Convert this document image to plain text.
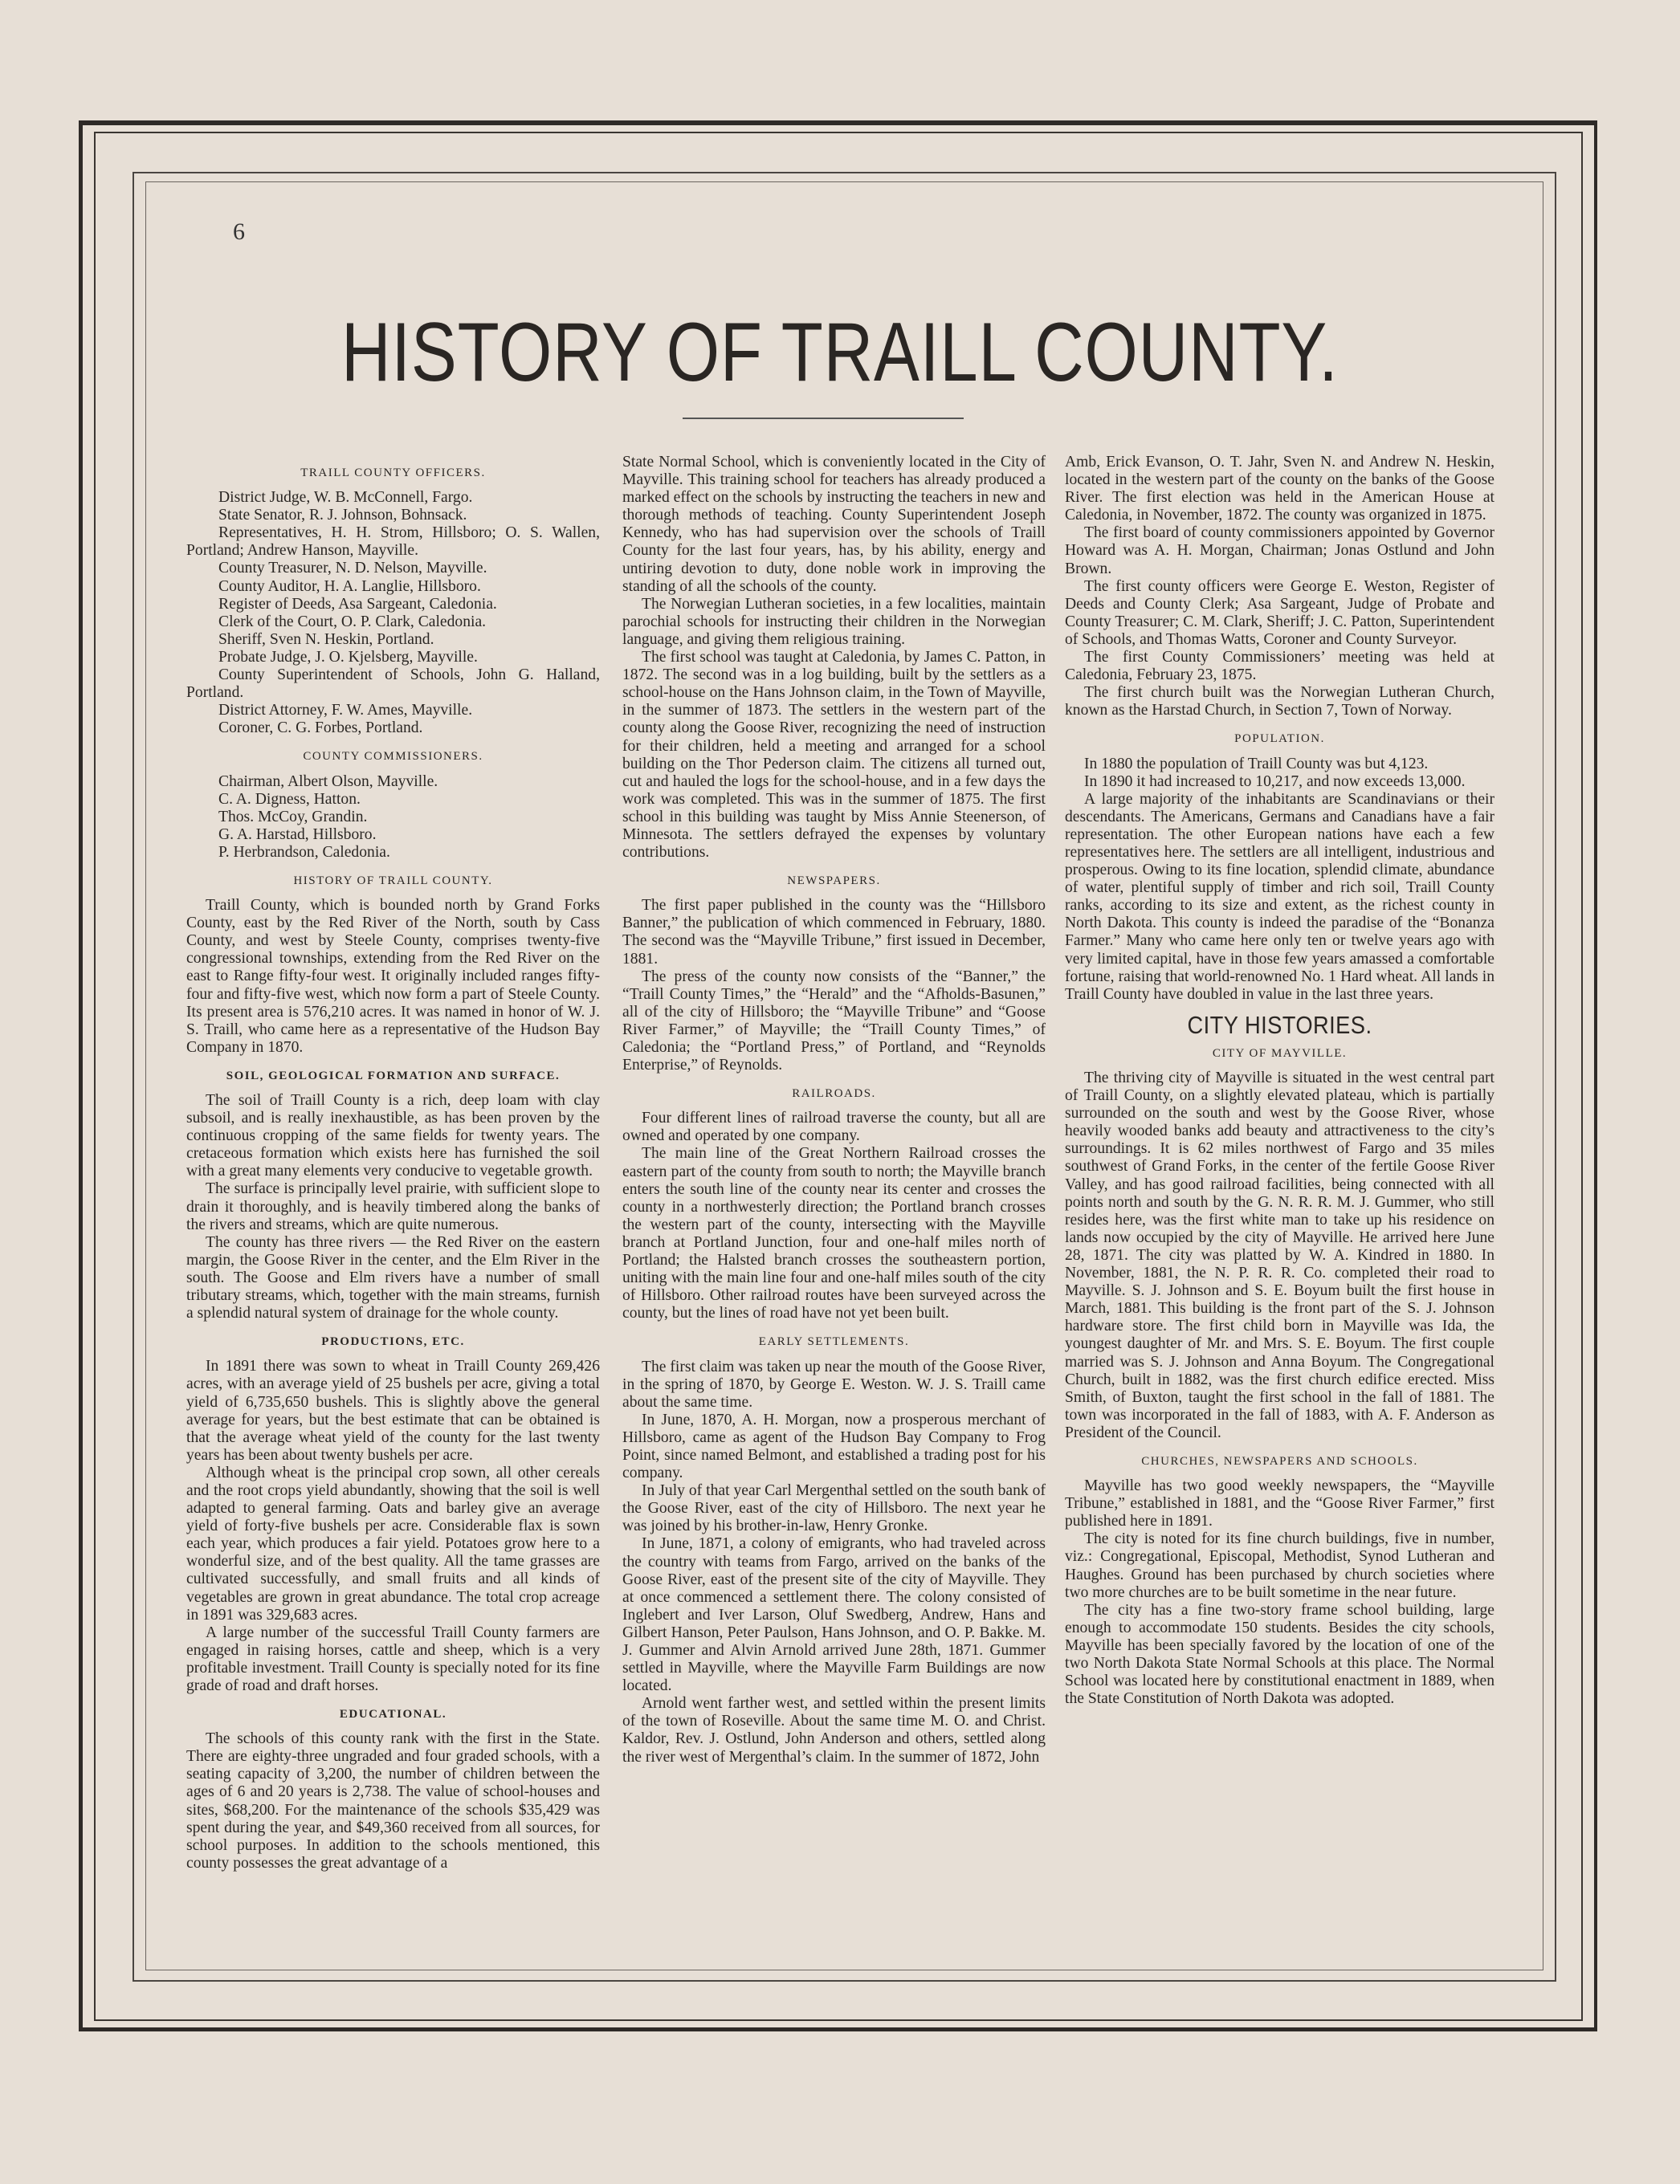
6
HISTORY OF TRAILL COUNTY.
TRAILL COUNTY OFFICERS.

District Judge, W. B. McConnell, Fargo.

State Senator, R. J. Johnson, Bohnsack.

Representatives, H. H. Strom, Hillsboro; O. S. Wallen, Portland; Andrew Hanson, Mayville.

County Treasurer, N. D. Nelson, Mayville.

County Auditor, H. A. Langlie, Hillsboro.

Register of Deeds, Asa Sargeant, Caledonia.

Clerk of the Court, O. P. Clark, Caledonia.

Sheriff, Sven N. Heskin, Portland.

Probate Judge, J. O. Kjelsberg, Mayville.

County Superintendent of Schools, John G. Halland, Portland.

District Attorney, F. W. Ames, Mayville.

Coroner, C. G. Forbes, Portland.

COUNTY COMMISSIONERS.

Chairman, Albert Olson, Mayville.

C. A. Digness, Hatton.

Thos. McCoy, Grandin.

G. A. Harstad, Hillsboro.

P. Herbrandson, Caledonia.

HISTORY OF TRAILL COUNTY.

Traill County, which is bounded north by Grand Forks County, east by the Red River of the North, south by Cass County, and west by Steele County, comprises twenty-five congressional townships, extending from the Red River on the east to Range fifty-four west. It originally included ranges fifty-four and fifty-five west, which now form a part of Steele County. Its present area is 576,210 acres. It was named in honor of W. J. S. Traill, who came here as a representative of the Hudson Bay Company in 1870.

SOIL, GEOLOGICAL FORMATION AND SURFACE.

The soil of Traill County is a rich, deep loam with clay subsoil, and is really inexhaustible, as has been proven by the continuous cropping of the same fields for twenty years. The cretaceous formation which exists here has furnished the soil with a great many elements very conducive to vegetable growth.

The surface is principally level prairie, with sufficient slope to drain it thoroughly, and is heavily timbered along the banks of the rivers and streams, which are quite numerous.

The county has three rivers — the Red River on the eastern margin, the Goose River in the center, and the Elm River in the south. The Goose and Elm rivers have a number of small tributary streams, which, together with the main streams, furnish a splendid natural system of drainage for the whole county.

PRODUCTIONS, ETC.

In 1891 there was sown to wheat in Traill County 269,426 acres, with an average yield of 25 bushels per acre, giving a total yield of 6,735,650 bushels. This is slightly above the general average for years, but the best estimate that can be obtained is that the average wheat yield of the county for the last twenty years has been about twenty bushels per acre.

Although wheat is the principal crop sown, all other cereals and the root crops yield abundantly, showing that the soil is well adapted to general farming. Oats and barley give an average yield of forty-five bushels per acre. Considerable flax is sown each year, which produces a fair yield. Potatoes grow here to a wonderful size, and of the best quality. All the tame grasses are cultivated successfully, and small fruits and all kinds of vegetables are grown in great abundance. The total crop acreage in 1891 was 329,683 acres.

A large number of the successful Traill County farmers are engaged in raising horses, cattle and sheep, which is a very profitable investment. Traill County is specially noted for its fine grade of road and draft horses.

EDUCATIONAL.

The schools of this county rank with the first in the State. There are eighty-three ungraded and four graded schools, with a seating capacity of 3,200, the number of children between the ages of 6 and 20 years is 2,738. The value of school-houses and sites, $68,200. For the maintenance of the schools $35,429 was spent during the year, and $49,360 received from all sources, for school purposes. In addition to the schools mentioned, this county possesses the great advantage of a

State Normal School, which is conveniently located in the City of Mayville. This training school for teachers has already produced a marked effect on the schools by instructing the teachers in new and thorough methods of teaching. County Superintendent Joseph Kennedy, who has had supervision over the schools of Traill County for the last four years, has, by his ability, energy and untiring devotion to duty, done noble work in improving the standing of all the schools of the county.

The Norwegian Lutheran societies, in a few localities, maintain parochial schools for instructing their children in the Norwegian language, and giving them religious training.

The first school was taught at Caledonia, by James C. Patton, in 1872. The second was in a log building, built by the settlers as a school-house on the Hans Johnson claim, in the Town of Mayville, in the summer of 1873. The settlers in the western part of the county along the Goose River, recognizing the need of instruction for their children, held a meeting and arranged for a school building on the Thor Pederson claim. The citizens all turned out, cut and hauled the logs for the school-house, and in a few days the work was completed. This was in the summer of 1875. The first school in this building was taught by Miss Annie Steenerson, of Minnesota. The settlers defrayed the expenses by voluntary contributions.

NEWSPAPERS.

The first paper published in the county was the “Hillsboro Banner,” the publication of which commenced in February, 1880. The second was the “Mayville Tribune,” first issued in December, 1881.

The press of the county now consists of the “Banner,” the “Traill County Times,” the “Herald” and the “Afholds-Basunen,” all of the city of Hillsboro; the “Mayville Tribune” and “Goose River Farmer,” of Mayville; the “Traill County Times,” of Caledonia; the “Portland Press,” of Portland, and “Reynolds Enterprise,” of Reynolds.

RAILROADS.

Four different lines of railroad traverse the county, but all are owned and operated by one company.

The main line of the Great Northern Railroad crosses the eastern part of the county from south to north; the Mayville branch enters the south line of the county near its center and crosses the county in a northwesterly direction; the Portland branch crosses the western part of the county, intersecting with the Mayville branch at Portland Junction, four and one-half miles north of Portland; the Halsted branch crosses the southeastern portion, uniting with the main line four and one-half miles south of the city of Hillsboro. Other railroad routes have been surveyed across the county, but the lines of road have not yet been built.

EARLY SETTLEMENTS.

The first claim was taken up near the mouth of the Goose River, in the spring of 1870, by George E. Weston. W. J. S. Traill came about the same time.

In June, 1870, A. H. Morgan, now a prosperous merchant of Hillsboro, came as agent of the Hudson Bay Company to Frog Point, since named Belmont, and established a trading post for his company.

In July of that year Carl Mergenthal settled on the south bank of the Goose River, east of the city of Hillsboro. The next year he was joined by his brother-in-law, Henry Gronke.

In June, 1871, a colony of emigrants, who had traveled across the country with teams from Fargo, arrived on the banks of the Goose River, east of the present site of the city of Mayville. They at once commenced a settlement there. The colony consisted of Inglebert and Iver Larson, Oluf Swedberg, Andrew, Hans and Gilbert Hanson, Peter Paulson, Hans Johnson, and O. P. Bakke. M. J. Gummer and Alvin Arnold arrived June 28th, 1871. Gummer settled in Mayville, where the Mayville Farm Buildings are now located.

Arnold went farther west, and settled within the present limits of the town of Roseville. About the same time M. O. and Christ. Kaldor, Rev. J. Ostlund, John Anderson and others, settled along the river west of Mergenthal’s claim. In the summer of 1872, John

Amb, Erick Evanson, O. T. Jahr, Sven N. and Andrew N. Heskin, located in the western part of the county on the banks of the Goose River. The first election was held in the American House at Caledonia, in November, 1872. The county was organized in 1875.

The first board of county commissioners appointed by Governor Howard was A. H. Morgan, Chairman; Jonas Ostlund and John Brown.

The first county officers were George E. Weston, Register of Deeds and County Clerk; Asa Sargeant, Judge of Probate and County Treasurer; C. M. Clark, Sheriff; J. C. Patton, Superintendent of Schools, and Thomas Watts, Coroner and County Surveyor.

The first County Commissioners’ meeting was held at Caledonia, February 23, 1875.

The first church built was the Norwegian Lutheran Church, known as the Harstad Church, in Section 7, Town of Norway.

POPULATION.

In 1880 the population of Traill County was but 4,123.

In 1890 it had increased to 10,217, and now exceeds 13,000.

A large majority of the inhabitants are Scandinavians or their descendants. The Americans, Germans and Canadians have a fair representation. The other European nations have each a few representatives here. The settlers are all intelligent, industrious and prosperous. Owing to its fine location, splendid climate, abundance of water, plentiful supply of timber and rich soil, Traill County ranks, according to its size and extent, as the richest county in North Dakota. This county is indeed the paradise of the “Bonanza Farmer.” Many who came here only ten or twelve years ago with very limited capital, have in those few years amassed a comfortable fortune, raising that world-renowned No. 1 Hard wheat. All lands in Traill County have doubled in value in the last three years.

CITY HISTORIES.
CITY OF MAYVILLE.

The thriving city of Mayville is situated in the west central part of Traill County, on a slightly elevated plateau, which is partially surrounded on the south and west by the Goose River, whose heavily wooded banks add beauty and attractiveness to the city’s surroundings. It is 62 miles northwest of Fargo and 35 miles southwest of Grand Forks, in the center of the fertile Goose River Valley, and has good railroad facilities, being connected with all points north and south by the G. N. R. R. M. J. Gummer, who still resides here, was the first white man to take up his residence on lands now occupied by the city of Mayville. He arrived here June 28, 1871. The city was platted by W. A. Kindred in 1880. In November, 1881, the N. P. R. R. Co. completed their road to Mayville. S. J. Johnson and S. E. Boyum built the first house in March, 1881. This building is the front part of the S. J. Johnson hardware store. The first child born in Mayville was Ida, the youngest daughter of Mr. and Mrs. S. E. Boyum. The first couple married was S. J. Johnson and Anna Boyum. The Congregational Church, built in 1882, was the first church edifice erected. Miss Smith, of Buxton, taught the first school in the fall of 1881. The town was incorporated in the fall of 1883, with A. F. Anderson as President of the Council.

CHURCHES, NEWSPAPERS AND SCHOOLS.

Mayville has two good weekly newspapers, the “Mayville Tribune,” established in 1881, and the “Goose River Farmer,” first published here in 1891.

The city is noted for its fine church buildings, five in number, viz.: Congregational, Episcopal, Methodist, Synod Lutheran and Haughes. Ground has been purchased by church societies where two more churches are to be built sometime in the near future.

The city has a fine two-story frame school building, large enough to accommodate 150 students. Besides the city schools, Mayville has been specially favored by the location of one of the two North Dakota State Normal Schools at this place. The Normal School was located here by constitutional enactment in 1889, when the State Constitution of North Dakota was adopted.
